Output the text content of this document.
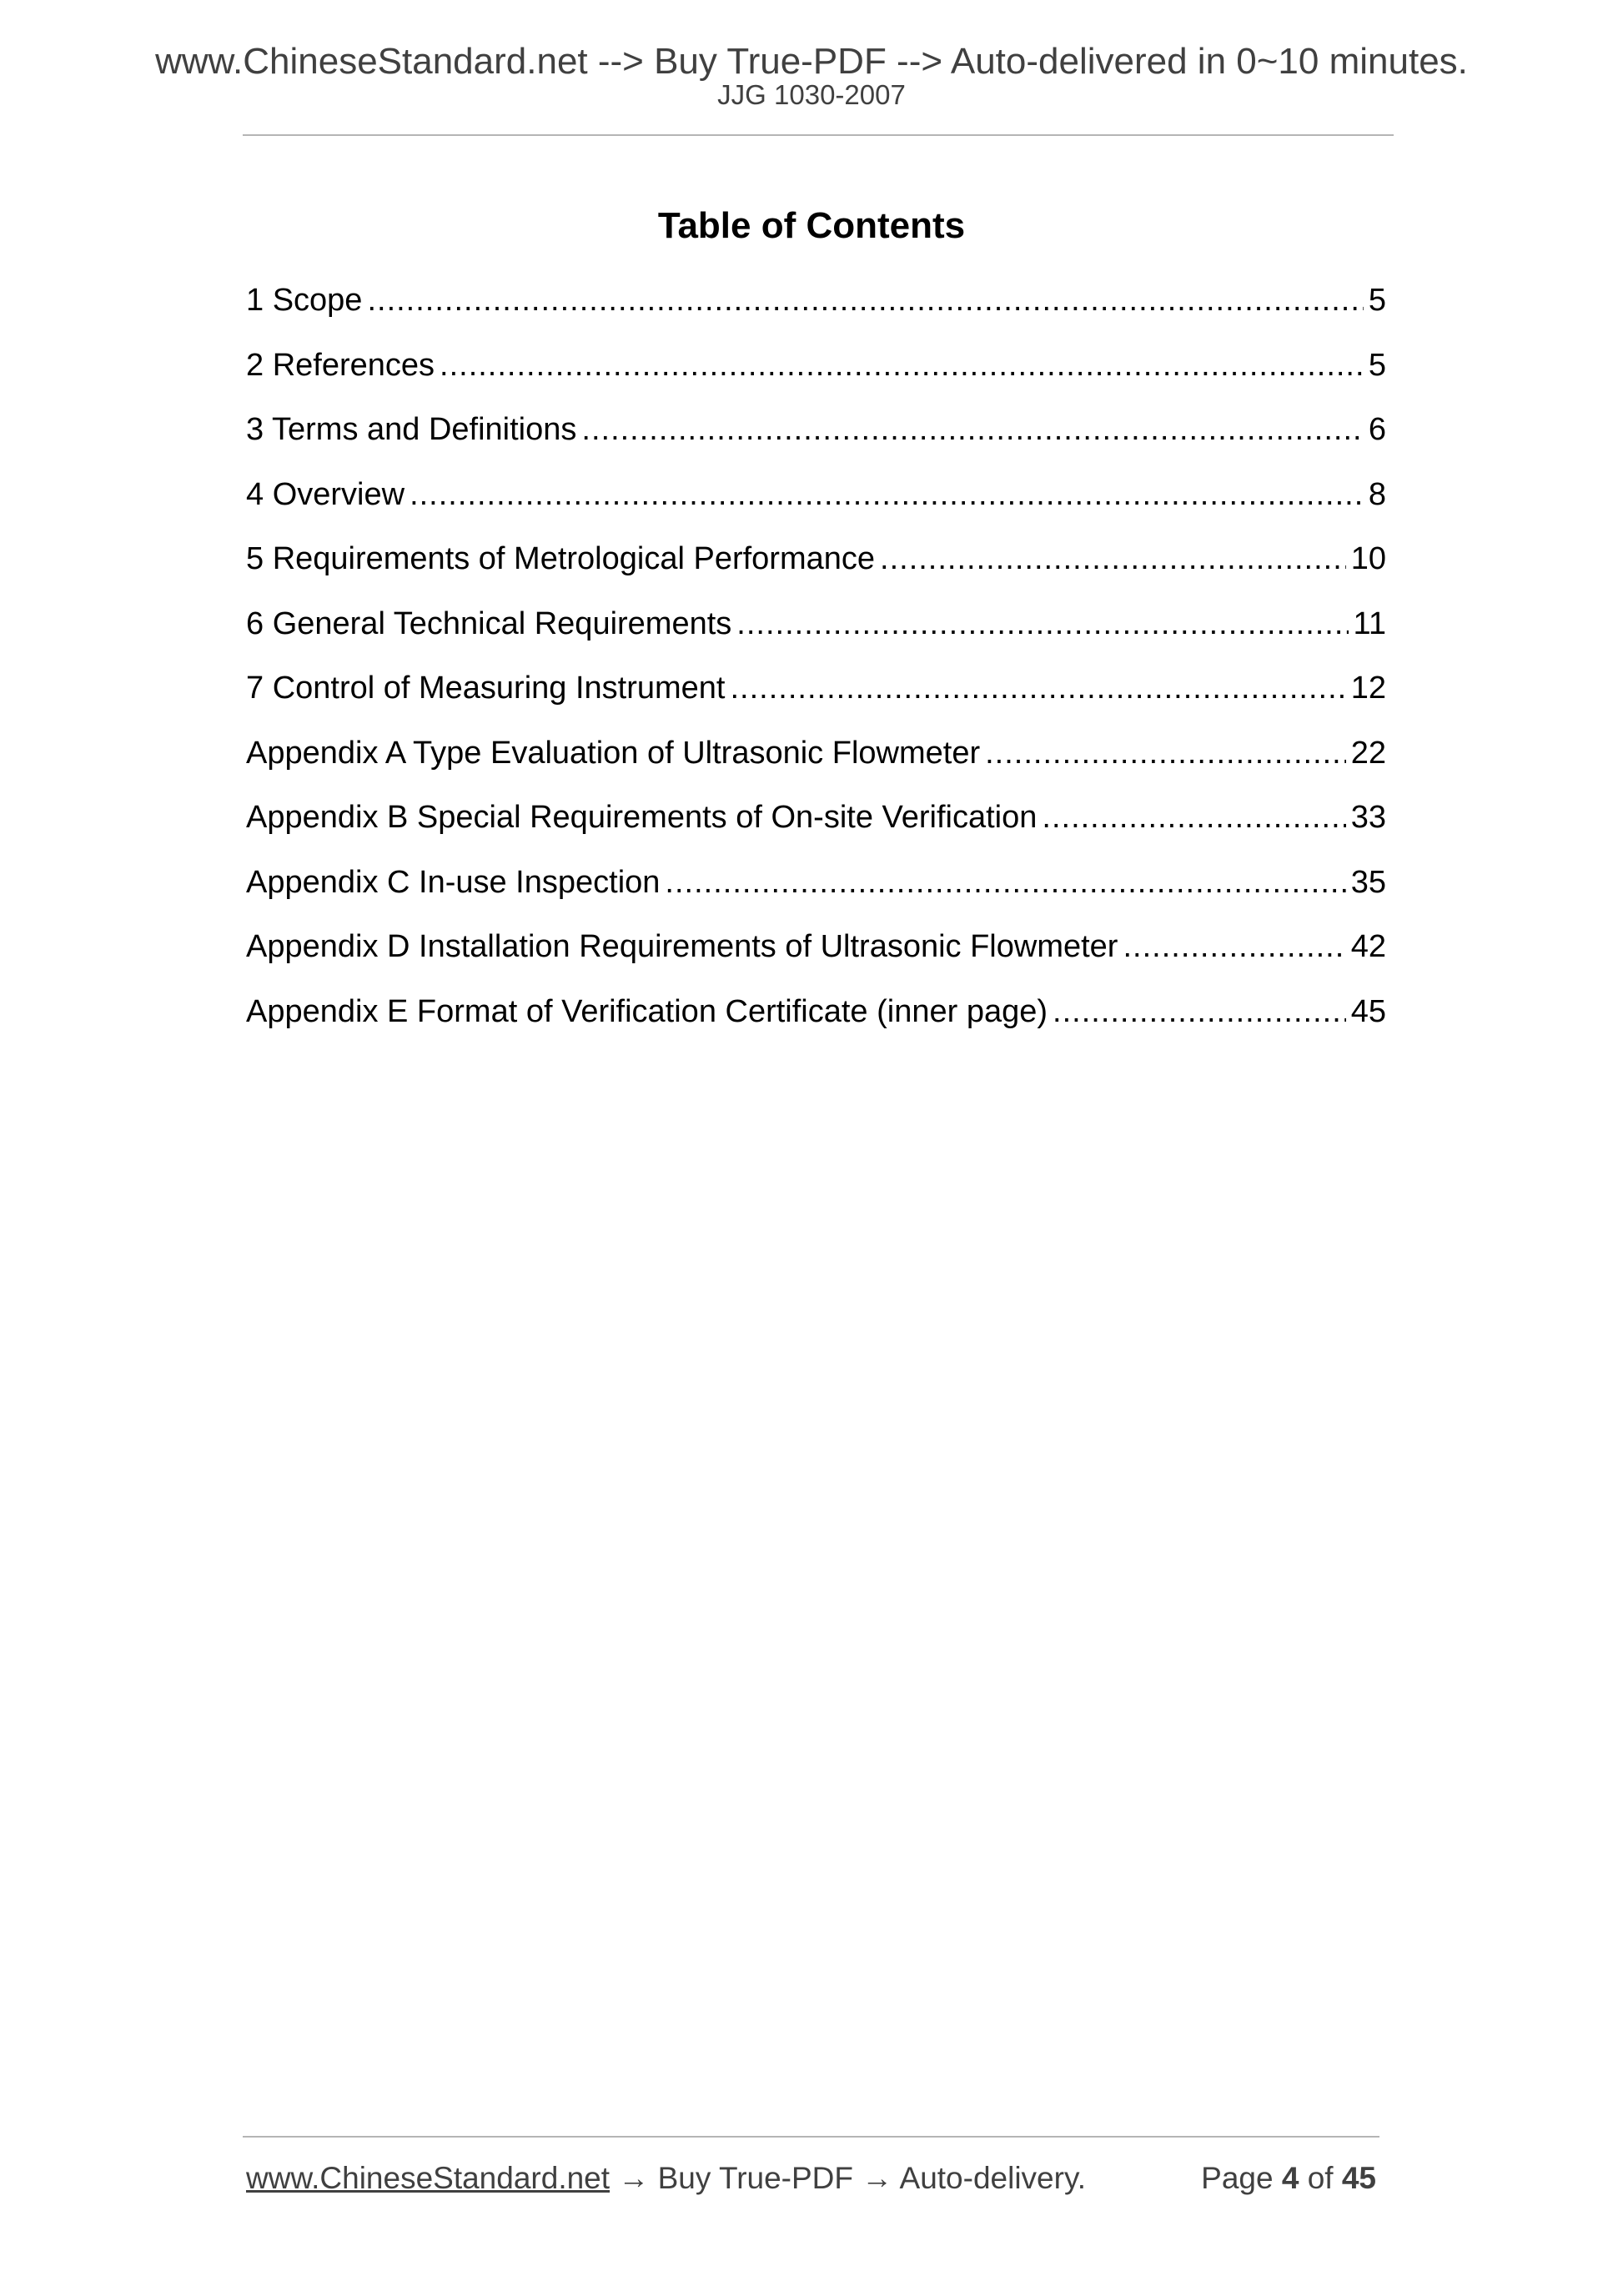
www.ChineseStandard.net --> Buy True-PDF --> Auto-delivered in 0~10 minutes.
JJG 1030-2007
Table of Contents
1 Scope .....	5
2 References .....	5
3 Terms and Definitions .....	6
4 Overview .....	8
5 Requirements of Metrological Performance .....	10
6 General Technical Requirements .....	11
7 Control of Measuring Instrument .....	12
Appendix A Type Evaluation of Ultrasonic Flowmeter .....	22
Appendix B Special Requirements of On-site Verification .....	33
Appendix C In-use Inspection .....	35
Appendix D Installation Requirements of Ultrasonic Flowmeter .....	42
Appendix E Format of Verification Certificate (inner page) .....	45
www.ChineseStandard.net → Buy True-PDF → Auto-delivery.	Page 4 of 45
